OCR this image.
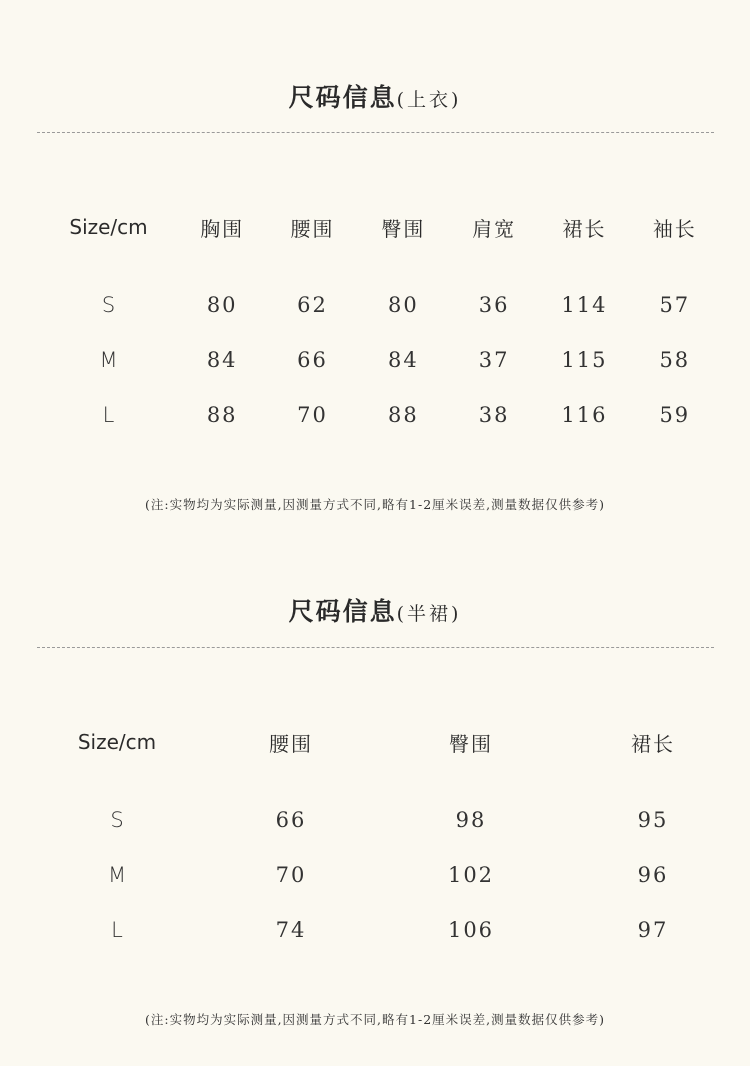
尺码信息(上衣)
Size/cm	胸围	腰围	臀围	肩宽	裙长	袖长

S	80	62	80	36	114	57
M	84	66	84	37	115	58
L	88	70	88	38	116	59
(注:实物均为实际测量,因测量方式不同,略有1-2厘米误差,测量数据仅供参考)
尺码信息(半裙)
Size/cm	腰围	臀围	裙长

S	66	98	95
M	70	102	96
L	74	106	97
(注:实物均为实际测量,因测量方式不同,略有1-2厘米误差,测量数据仅供参考)
